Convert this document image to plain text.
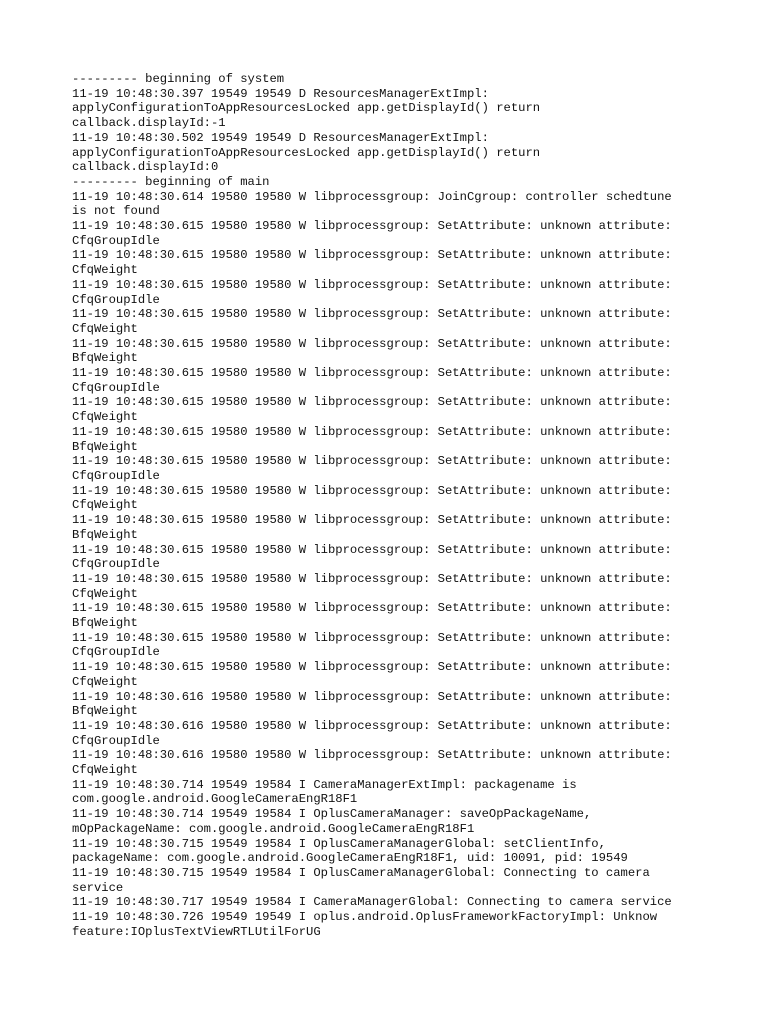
--------- beginning of system
11-19 10:48:30.397 19549 19549 D ResourcesManagerExtImpl:
applyConfigurationToAppResourcesLocked app.getDisplayId() return
callback.displayId:-1
11-19 10:48:30.502 19549 19549 D ResourcesManagerExtImpl:
applyConfigurationToAppResourcesLocked app.getDisplayId() return
callback.displayId:0
--------- beginning of main
11-19 10:48:30.614 19580 19580 W libprocessgroup: JoinCgroup: controller schedtune
is not found
11-19 10:48:30.615 19580 19580 W libprocessgroup: SetAttribute: unknown attribute:
CfqGroupIdle
11-19 10:48:30.615 19580 19580 W libprocessgroup: SetAttribute: unknown attribute:
CfqWeight
11-19 10:48:30.615 19580 19580 W libprocessgroup: SetAttribute: unknown attribute:
CfqGroupIdle
11-19 10:48:30.615 19580 19580 W libprocessgroup: SetAttribute: unknown attribute:
CfqWeight
11-19 10:48:30.615 19580 19580 W libprocessgroup: SetAttribute: unknown attribute:
BfqWeight
11-19 10:48:30.615 19580 19580 W libprocessgroup: SetAttribute: unknown attribute:
CfqGroupIdle
11-19 10:48:30.615 19580 19580 W libprocessgroup: SetAttribute: unknown attribute:
CfqWeight
11-19 10:48:30.615 19580 19580 W libprocessgroup: SetAttribute: unknown attribute:
BfqWeight
11-19 10:48:30.615 19580 19580 W libprocessgroup: SetAttribute: unknown attribute:
CfqGroupIdle
11-19 10:48:30.615 19580 19580 W libprocessgroup: SetAttribute: unknown attribute:
CfqWeight
11-19 10:48:30.615 19580 19580 W libprocessgroup: SetAttribute: unknown attribute:
BfqWeight
11-19 10:48:30.615 19580 19580 W libprocessgroup: SetAttribute: unknown attribute:
CfqGroupIdle
11-19 10:48:30.615 19580 19580 W libprocessgroup: SetAttribute: unknown attribute:
CfqWeight
11-19 10:48:30.615 19580 19580 W libprocessgroup: SetAttribute: unknown attribute:
BfqWeight
11-19 10:48:30.615 19580 19580 W libprocessgroup: SetAttribute: unknown attribute:
CfqGroupIdle
11-19 10:48:30.615 19580 19580 W libprocessgroup: SetAttribute: unknown attribute:
CfqWeight
11-19 10:48:30.616 19580 19580 W libprocessgroup: SetAttribute: unknown attribute:
BfqWeight
11-19 10:48:30.616 19580 19580 W libprocessgroup: SetAttribute: unknown attribute:
CfqGroupIdle
11-19 10:48:30.616 19580 19580 W libprocessgroup: SetAttribute: unknown attribute:
CfqWeight
11-19 10:48:30.714 19549 19584 I CameraManagerExtImpl: packagename is
com.google.android.GoogleCameraEngR18F1
11-19 10:48:30.714 19549 19584 I OplusCameraManager: saveOpPackageName,
mOpPackageName: com.google.android.GoogleCameraEngR18F1
11-19 10:48:30.715 19549 19584 I OplusCameraManagerGlobal: setClientInfo,
packageName: com.google.android.GoogleCameraEngR18F1, uid: 10091, pid: 19549
11-19 10:48:30.715 19549 19584 I OplusCameraManagerGlobal: Connecting to camera
service
11-19 10:48:30.717 19549 19584 I CameraManagerGlobal: Connecting to camera service
11-19 10:48:30.726 19549 19549 I oplus.android.OplusFrameworkFactoryImpl: Unknow
feature:IOplusTextViewRTLUtilForUG
